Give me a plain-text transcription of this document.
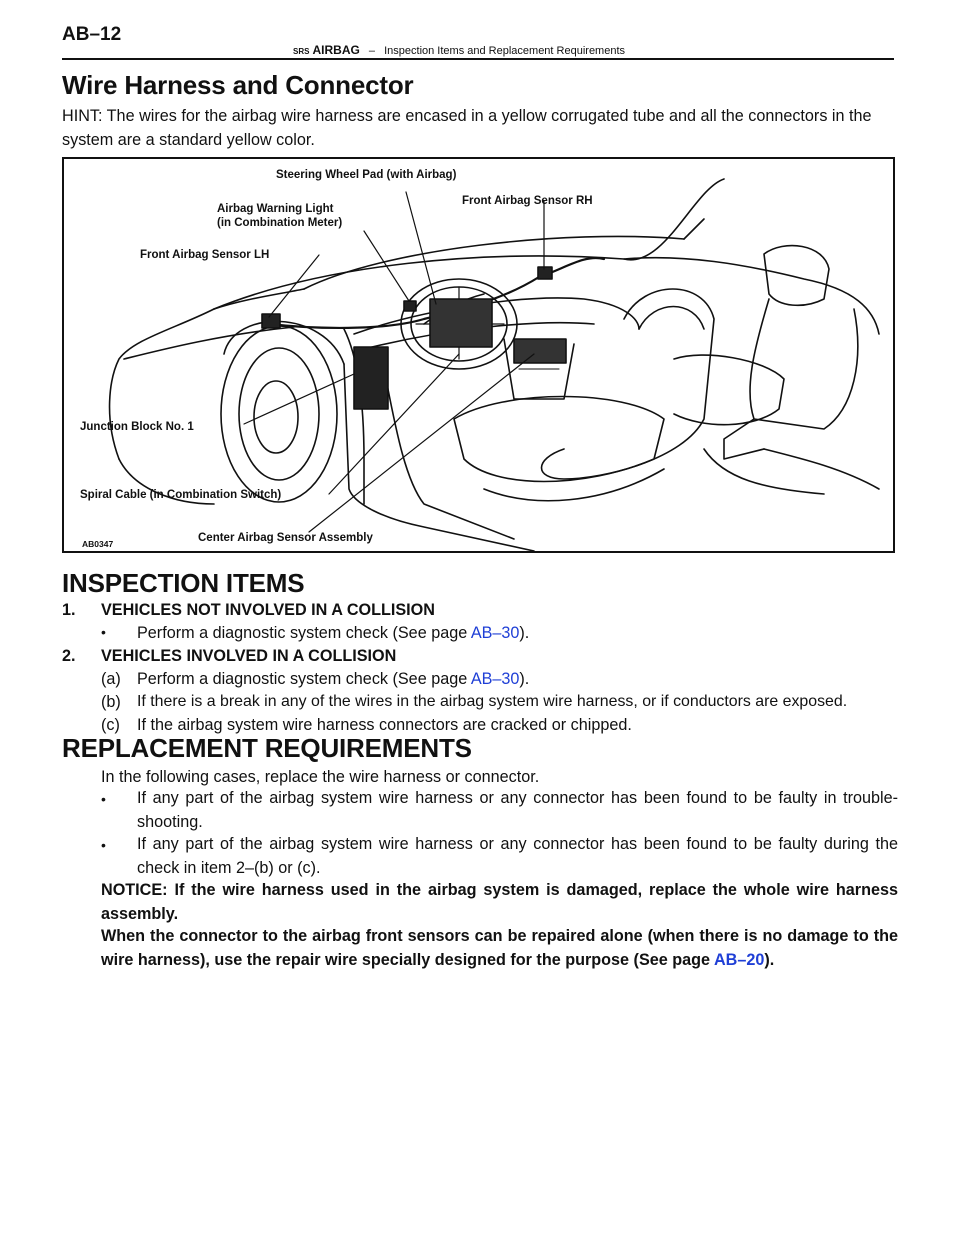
AB–12
SRS AIRBAG – Inspection Items and Replacement Requirements
Wire Harness and Connector
HINT: The wires for the airbag wire harness are encased in a yellow corrugated tube and all the connectors in the system are a standard yellow color.
Steering Wheel Pad (with Airbag)
Front Airbag Sensor RH
Airbag Warning Light
(in Combination Meter)
Front Airbag Sensor LH
Junction Block No. 1
Spiral Cable (in Combination Switch)
Center Airbag Sensor Assembly
AB0347
INSPECTION ITEMS
1. VEHICLES NOT INVOLVED IN A COLLISION
• Perform a diagnostic system check (See page AB–30).
2. VEHICLES INVOLVED IN A COLLISION
(a) Perform a diagnostic system check (See page AB–30).
(b) If there is a break in any of the wires in the airbag system wire harness, or if conductors are exposed.
(c) If the airbag system wire harness connectors are cracked or chipped.
REPLACEMENT REQUIREMENTS
In the following cases, replace the wire harness or connector.
• If any part of the airbag system wire harness or any connector has been found to be faulty in trouble-shooting.
• If any part of the airbag system wire harness or any connector has been found to be faulty during the check in item 2–(b) or (c).
NOTICE: If the wire harness used in the airbag system is damaged, replace the whole wire harness assembly.
When the connector to the airbag front sensors can be repaired alone (when there is no damage to the wire harness), use the repair wire specially designed for the purpose (See page AB–20).
